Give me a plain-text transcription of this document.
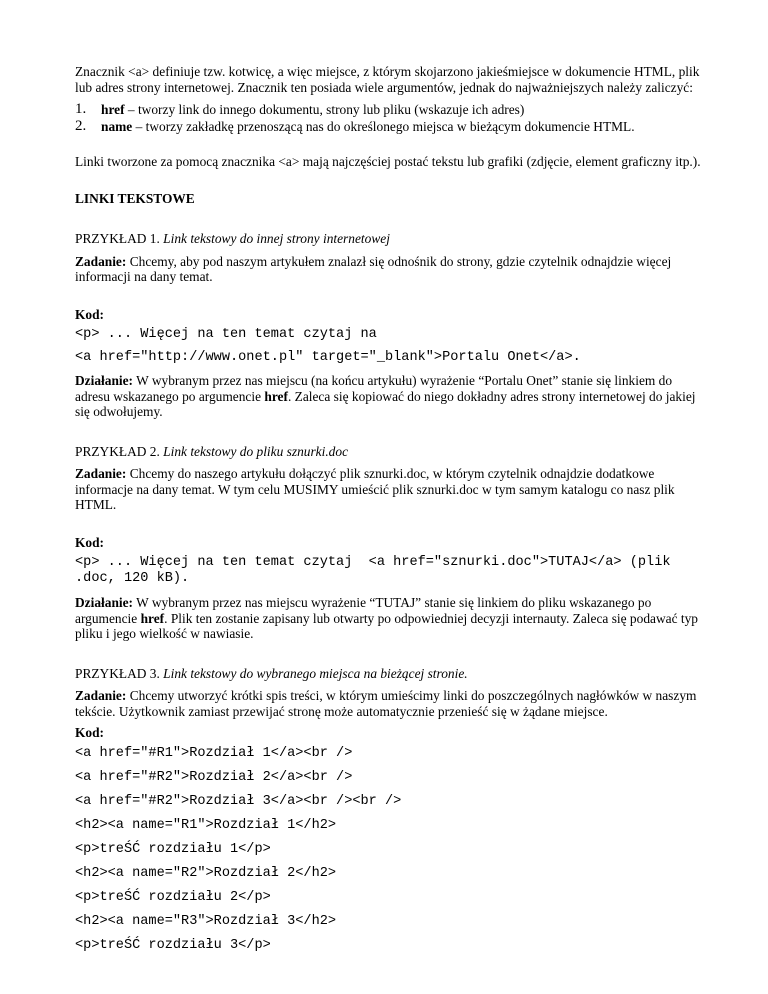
Znacznik <a> definiuje tzw. kotwicę, a więc miejsce, z którym skojarzono jakieśmiejsce w dokumencie HTML, plik lub adres strony internetowej. Znacznik ten posiada wiele argumentów, jednak do najważniejszych należy zaliczyć:

1.	href – tworzy link do innego dokumentu, strony lub pliku (wskazuje ich adres)
2.	name – tworzy zakładkę przenoszącą nas do określonego miejsca w bieżącym dokumencie HTML.

Linki tworzone za pomocą znacznika <a> mają najczęściej postać tekstu lub grafiki (zdjęcie, element graficzny itp.).

LINKI TEKSTOWE

PRZYKŁAD 1. Link tekstowy do innej strony internetowej

Zadanie: Chcemy, aby pod naszym artykułem znalazł się odnośnik do strony, gdzie czytelnik odnajdzie więcej informacji na dany temat.

Kod:

<p> ... Więcej na ten temat czytaj na

<a href="http://www.onet.pl" target="_blank">Portalu Onet</a>.

Działanie: W wybranym przez nas miejscu (na końcu artykułu) wyrażenie “Portalu Onet” stanie się linkiem do adresu wskazanego po argumencie href. Zaleca się kopiować do niego dokładny adres strony internetowej do jakiej się odwołujemy.

PRZYKŁAD 2. Link tekstowy do pliku sznurki.doc

Zadanie: Chcemy do naszego artykułu dołączyć plik sznurki.doc, w którym czytelnik odnajdzie dodatkowe informacje na dany temat. W tym celu MUSIMY umieścić plik sznurki.doc w tym samym katalogu co nasz plik HTML.

Kod:

<p> ... Więcej na ten temat czytaj  <a href="sznurki.doc">TUTAJ</a> (plik

.doc, 120 kB).

Działanie: W wybranym przez nas miejscu wyrażenie “TUTAJ” stanie się linkiem do pliku wskazanego po argumencie href. Plik ten zostanie zapisany lub otwarty po odpowiedniej decyzji internauty. Zaleca się podawać typ pliku i jego wielkość w nawiasie.

PRZYKŁAD 3. Link tekstowy do wybranego miejsca na bieżącej stronie.

Zadanie: Chcemy utworzyć krótki spis treści, w którym umieścimy linki do poszczególnych nagłówków w naszym tekście. Użytkownik zamiast przewijać stronę może automatycznie przenieść się w żądane miejsce.

Kod:

<a href="#R1">Rozdział 1</a><br />

<a href="#R2">Rozdział 2</a><br />

<a href="#R2">Rozdział 3</a><br /><br />

<h2><a name="R1">Rozdział 1</h2>

<p>treŚĆ rozdziału 1</p>

<h2><a name="R2">Rozdział 2</h2>

<p>treŚĆ rozdziału 2</p>

<h2><a name="R3">Rozdział 3</h2>

<p>treŚĆ rozdziału 3</p>
